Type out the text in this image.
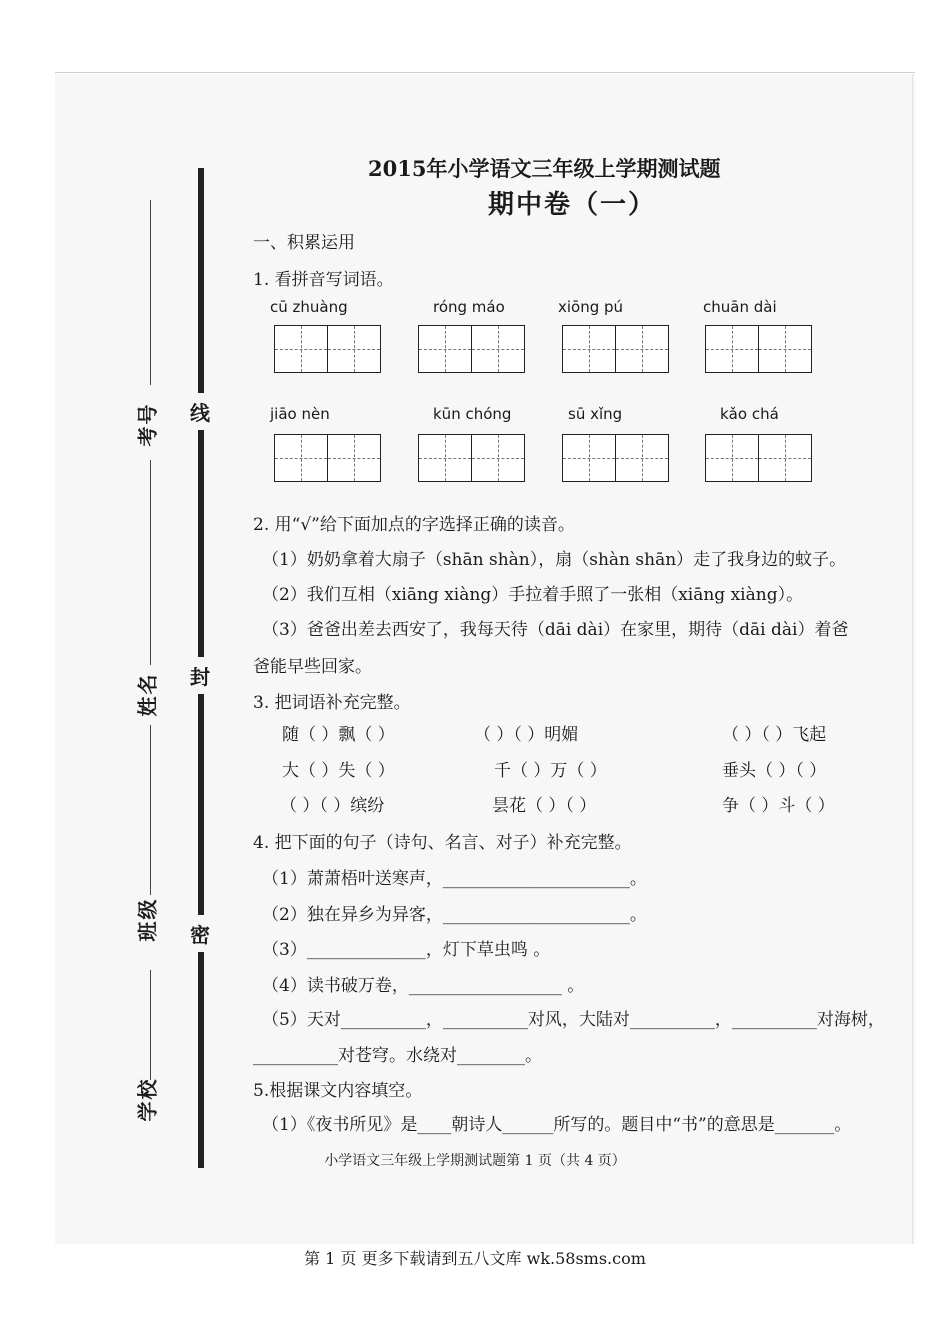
线
封
密
考号
姓名
班级
学校
2015年小学语文三年级上学期测试题
期中卷（一）
一、积累运用
1. 看拼音写词语。
cū zhuàng	róng máo	xiōng pú	chuān dài
jiāo nèn	kūn chóng	sū xǐng	kǎo chá
2. 用“√”给下面加点的字选择正确的读音。
（1）奶奶拿着大扇子（shān shàn），扇（shàn shān）走了我身边的蚊子。
（2）我们互相（xiāng xiàng）手拉着手照了一张相（xiāng xiàng）。
（3）爸爸出差去西安了，我每天待（dāi dài）在家里，期待（dāi dài）着爸
爸能早些回家。
3. 把词语补充完整。
随（ ）飘（ ）	（ ）（ ）明媚	（ ）（ ）飞起
大（ ）失（ ）	千（ ）万（ ）	垂头（ ）（ ）
（ ）（ ）缤纷	昙花（ ）（ ）	争（ ）斗（ ）
4. 把下面的句子（诗句、名言、对子）补充完整。
（1）萧萧梧叶送寒声，______________________。
（2）独在异乡为异客，______________________。
（3）______________，灯下草虫鸣 。
（4）读书破万卷，__________________ 。
（5）天对__________，__________对风，大陆对__________，__________对海树，
__________对苍穹。水绕对________。
5.根据课文内容填空。
（1）《夜书所见》是____朝诗人______所写的。题目中“书”的意思是_______。
小学语文三年级上学期测试题第 1 页（共 4 页）
第 1 页 更多下载请到五八文库 wk.58sms.com
